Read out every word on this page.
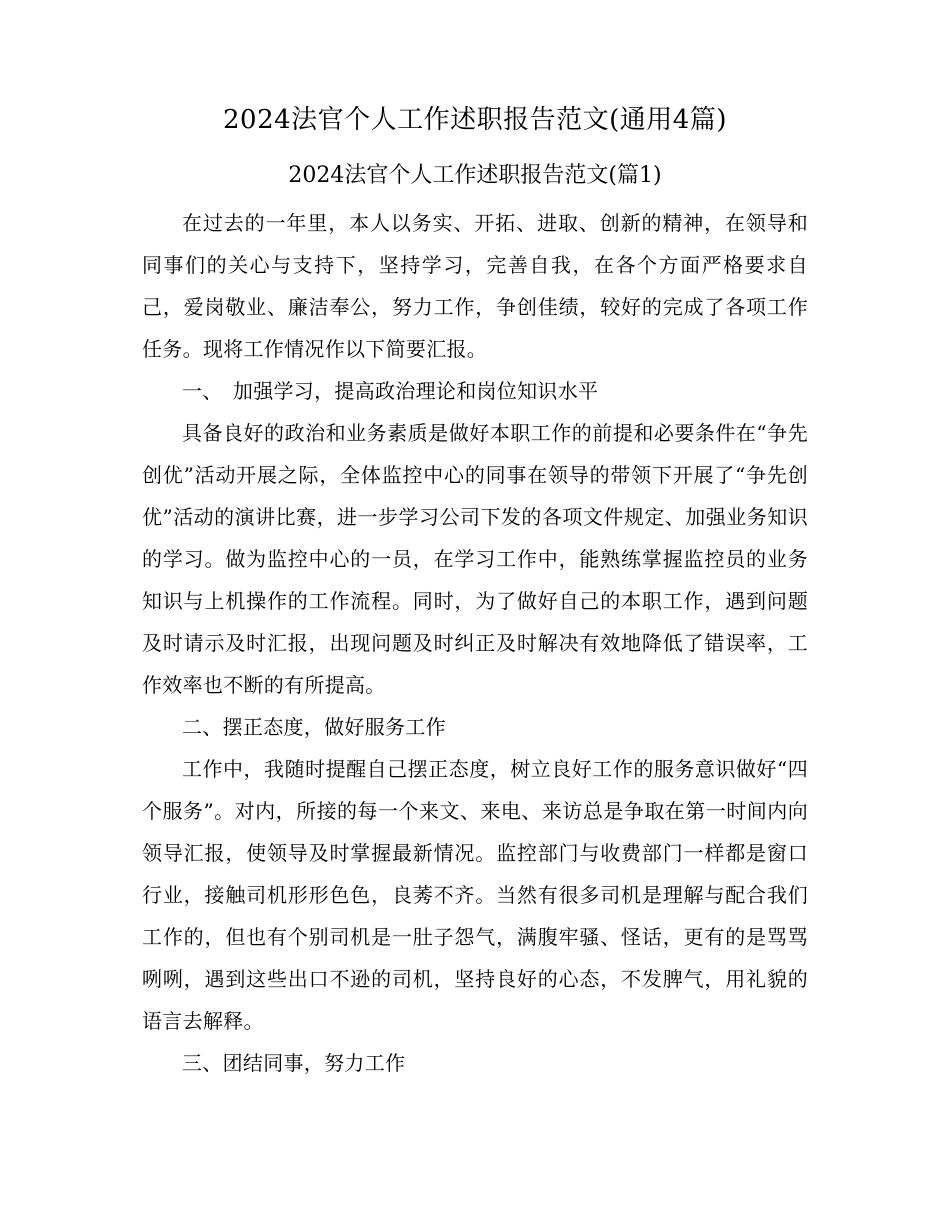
2024法官个人工作述职报告范文(通用4篇)
2024法官个人工作述职报告范文(篇1)

在过去的一年里，本人以务实、开拓、进取、创新的精神，在领导和同事们的关心与支持下，坚持学习，完善自我，在各个方面严格要求自己，爱岗敬业、廉洁奉公，努力工作，争创佳绩，较好的完成了各项工作任务。现将工作情况作以下简要汇报。

一、　加强学习，提高政治理论和岗位知识水平

具备良好的政治和业务素质是做好本职工作的前提和必要条件在“争先创优”活动开展之际，全体监控中心的同事在领导的带领下开展了“争先创优”活动的演讲比赛，进一步学习公司下发的各项文件规定、加强业务知识的学习。做为监控中心的一员，在学习工作中，能熟练掌握监控员的业务知识与上机操作的工作流程。同时，为了做好自己的本职工作，遇到问题及时请示及时汇报，出现问题及时纠正及时解决有效地降低了错误率，工作效率也不断的有所提高。

二、摆正态度，做好服务工作

工作中，我随时提醒自己摆正态度，树立良好工作的服务意识做好“四个服务”。对内，所接的每一个来文、来电、来访总是争取在第一时间内向领导汇报，使领导及时掌握最新情况。监控部门与收费部门一样都是窗口行业，接触司机形形色色，良莠不齐。当然有很多司机是理解与配合我们工作的，但也有个别司机是一肚子怨气，满腹牢骚、怪话，更有的是骂骂咧咧，遇到这些出口不逊的司机，坚持良好的心态，不发脾气，用礼貌的语言去解释。

三、团结同事，努力工作
